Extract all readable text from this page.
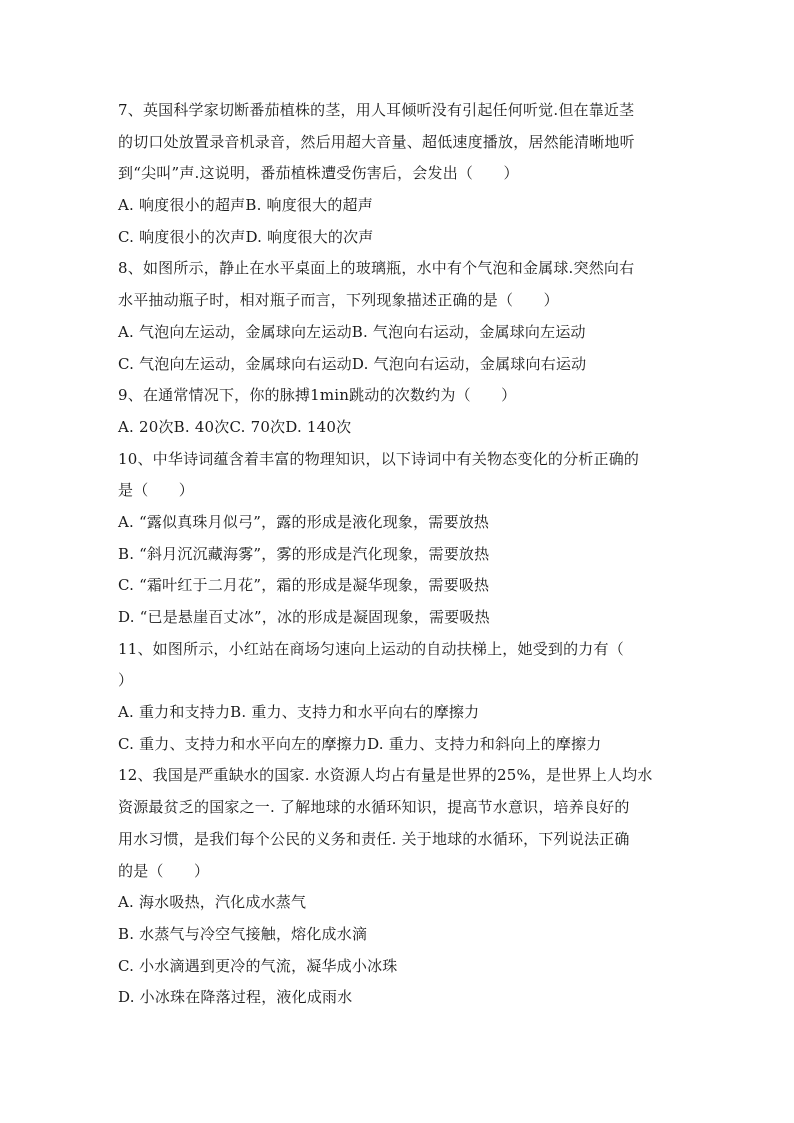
7、英国科学家切断番茄植株的茎，用人耳倾听没有引起任何听觉.但在靠近茎
的切口处放置录音机录音，然后用超大音量、超低速度播放，居然能清晰地听
到“尖叫”声.这说明，番茄植株遭受伤害后，会发出（　　）
A. 响度很小的超声B. 响度很大的超声
C. 响度很小的次声D. 响度很大的次声
8、如图所示，静止在水平桌面上的玻璃瓶，水中有个气泡和金属球.突然向右
水平抽动瓶子时，相对瓶子而言，下列现象描述正确的是（　　）
A. 气泡向左运动，金属球向左运动B. 气泡向右运动，金属球向左运动
C. 气泡向左运动，金属球向右运动D. 气泡向右运动，金属球向右运动
9、在通常情况下，你的脉搏1min跳动的次数约为（　　）
A. 20次B. 40次C. 70次D. 140次
10、中华诗词蕴含着丰富的物理知识，以下诗词中有关物态变化的分析正确的
是（　　）
A. “露似真珠月似弓”，露的形成是液化现象，需要放热
B. “斜月沉沉藏海雾”，雾的形成是汽化现象，需要放热
C. “霜叶红于二月花”，霜的形成是凝华现象，需要吸热
D. “已是悬崖百丈冰”，冰的形成是凝固现象，需要吸热
11、如图所示，小红站在商场匀速向上运动的自动扶梯上，她受到的力有（
）
A. 重力和支持力B. 重力、支持力和水平向右的摩擦力
C. 重力、支持力和水平向左的摩擦力D. 重力、支持力和斜向上的摩擦力
12、我国是严重缺水的国家. 水资源人均占有量是世界的25%，是世界上人均水
资源最贫乏的国家之一. 了解地球的水循环知识，提高节水意识，培养良好的
用水习惯，是我们每个公民的义务和责任. 关于地球的水循环，下列说法正确
的是（　　）
A. 海水吸热，汽化成水蒸气
B. 水蒸气与冷空气接触，熔化成水滴
C. 小水滴遇到更冷的气流，凝华成小冰珠
D. 小冰珠在降落过程，液化成雨水
